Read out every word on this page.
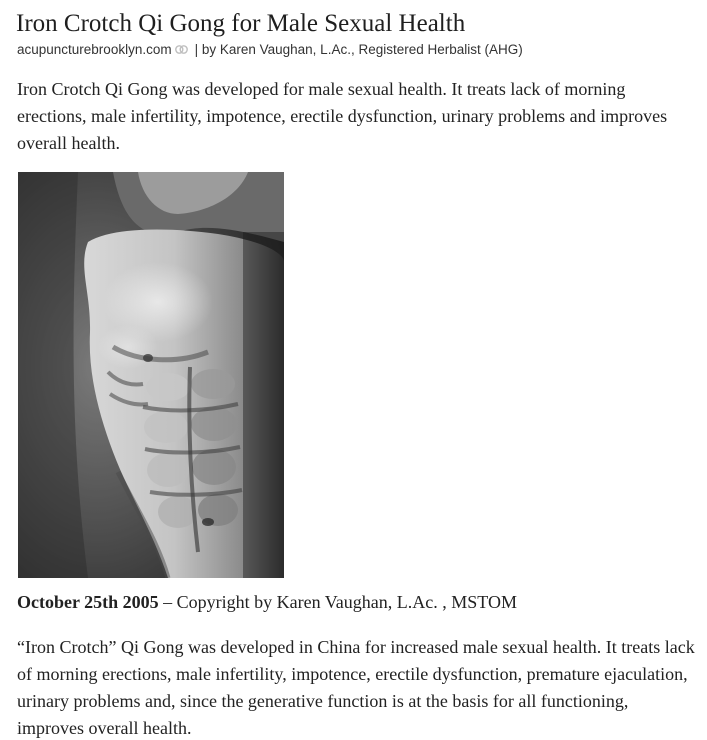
Iron Crotch Qi Gong for Male Sexual Health
acupuncturebrooklyn.com | by Karen Vaughan, L.Ac., Registered Herbalist (AHG)

Iron Crotch Qi Gong was developed for male sexual health. It treats lack of morning erections, male infertility, impotence, erectile dysfunction, urinary problems and improves overall health.

October 25th 2005 – Copyright by Karen Vaughan, L.Ac. , MSTOM

“Iron Crotch” Qi Gong was developed in China for increased male sexual health. It treats lack of morning erections, male infertility, impotence, erectile dysfunction, premature ejaculation, urinary problems and, since the generative function is at the basis for all functioning, improves overall health.
